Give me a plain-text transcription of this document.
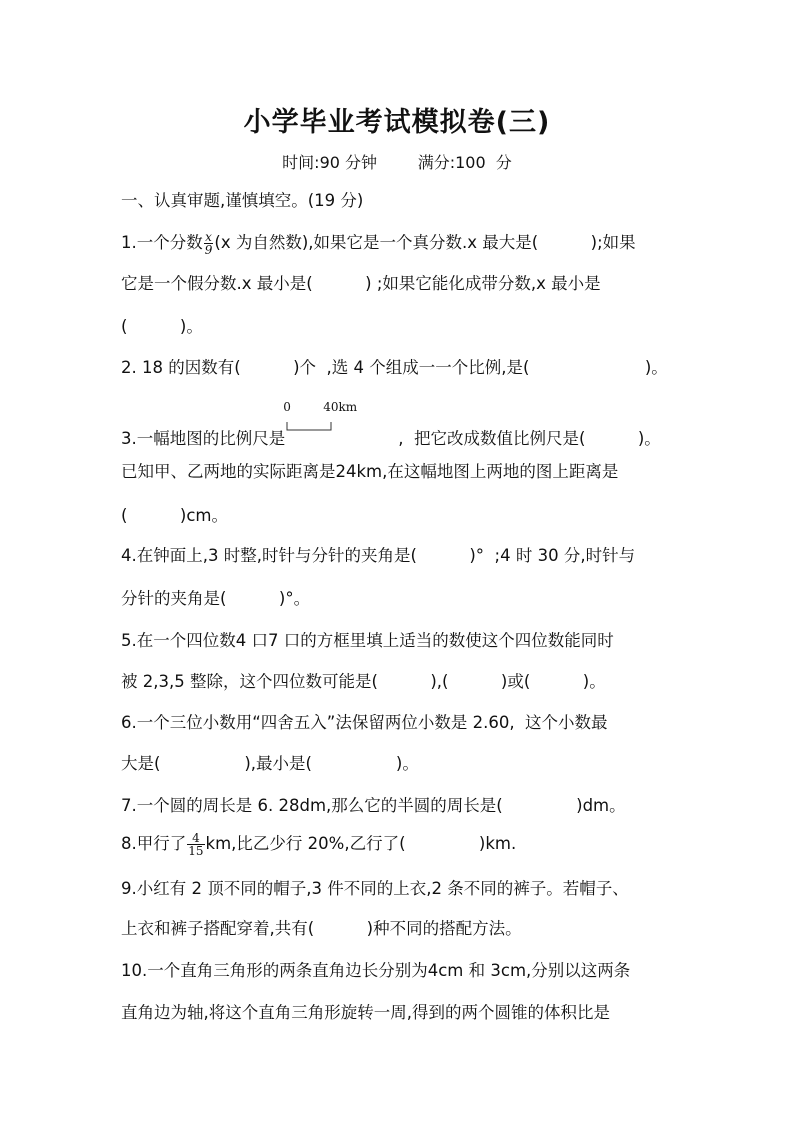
小学毕业考试模拟卷(三)
时间:90 分钟        满分:100  分
一、认真审题,谨慎填空。(19 分)
1.一个分数 $\frac{x}{9} (x$ 为自然数),如果它是一个真分数.x 最大是(          );如果
它是一个假分数.x 最小是(          ) ;如果它能化成带分数,x 最小是
(          )。
2. 18 的因数有(          )个  ,选 4 个组成一一个比例,是(                      )。
3.一幅地图的比例尺是
0	40km
,  把它改成数值比例尺是(          )。
已知甲、乙两地的实际距离是24km,在这幅地图上两地的图上距离是
(          )cm。
4.在钟面上,3 时整,时针与分针的夹角是(          )°  ;4 时 30 分,时针与
分针的夹角是(          )°。
5.在一个四位数4 口7 口的方框里填上适当的数使这个四位数能同时
被 2,3,5 整除，这个四位数可能是(          ),(          )或(          )。
6.一个三位小数用“四舍五入”法保留两位小数是 2.60,  这个小数最
大是(                ),最小是(                )。
7.一个圆的周长是 6. 28dm,那么它的半圆的周长是(              )dm。
8.甲行了 $\frac{4}{15}$ km,比乙少行 20%,乙行了(              )km.
9.小红有 2 顶不同的帽子,3 件不同的上衣,2 条不同的裤子。若帽子、
上衣和裤子搭配穿着,共有(          )种不同的搭配方法。
10.一个直角三角形的两条直角边长分别为4cm 和 3cm,分别以这两条
直角边为轴,将这个直角三角形旋转一周,得到的两个圆锥的体积比是
